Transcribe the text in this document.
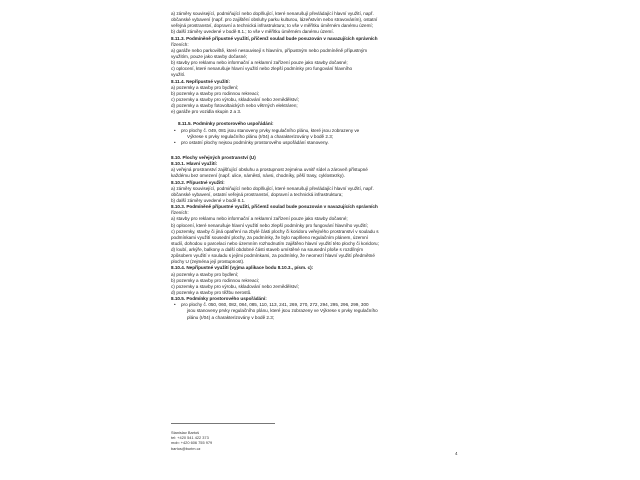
a) záměry související, podmiňující nebo doplňující, které nenarušují převládající hlavní využití, např.
občanské vybavení (např. pro zajištění obsluhy parku kulturou, lázeňstvím nebo stravováním), ostatní
veřejná prostranství, dopravní a technická infrastruktura; to vše v měřítku úměrném danému území;
b) další záměry uvedené v bodě 8.1.; to vše v měřítku úměrném danému území.
8.11.3. Podmíněně přípustné využití, přičemž soulad bude posuzován v navazujících správních
řízeních:
a) garáže nebo parkoviště, které nesouvisejí s hlavním, přípustným nebo podmíněně přípustným
využitím, pouze jako stavby dočasné;
b) stavby pro reklamu nebo informační a reklamní zařízení pouze jako stavby dočasné;
c) oplocení, které nenarušuje hlavní využití nebo zlepší podmínky pro fungování hlavního
využití.
8.11.4. Nepřípustné využití:
a) pozemky a stavby pro bydlení;
b) pozemky a stavby pro rodinnou rekreaci;
c) pozemky a stavby pro výrobu, skladování nebo zemědělství;
d) pozemky a stavby fotovoltaických nebo větrných elektráren;
e) garáže pro vozidla skupin 2 a 3.
8.11.5. Podmínky prostorového uspořádání:
• pro plochy č. 049, 081 jsou stanoveny prvky regulačního plánu, které jsou zobrazeny ve
Výkrese s prvky regulačního plánu (I/04) a charakterizovány v bodě 2.3;
• pro ostatní plochy nejsou podmínky prostorového uspořádání stanoveny.
8.10. Plochy veřejných prostranství (U)
8.10.1. Hlavní využití:
a) veřejná prostranství zajišťující obsluhu a prostupnost zejména uvnitř sídel a zároveň přístupné
každému bez omezení (např. ulice, náměstí, návsi, chodníky, pěší trasy, cyklostezky).
8.10.2. Přípustné využití:
a) záměry související, podmiňující nebo doplňující, které nenarušují převládající hlavní využití, např.
občanské vybavení, ostatní veřejná prostranství, dopravní a technická infrastruktura;
b) další záměry uvedené v bodě 8.1.
8.10.3. Podmíněně přípustné využití, přičemž soulad bude posuzován v navazujících správních
řízeních:
a) stavby pro reklamu nebo informační a reklamní zařízení pouze jako stavby dočasné;
b) oplocení, které nenarušuje hlavní využití nebo zlepší podmínky pro fungování hlavního využití;
c) pozemky, stavby či jiná opatření na zbylé části plochy či koridoru veřejného prostranství v souladu s
podmínkami využití sousední plochy, za podmínky, že bylo naplňeno regulačním plánem, územní
studií, dohodou o parcelaci nebo územním rozhodnutím zajištěno hlavní využití této plochy či koridoru;
d) loubí, arkýře, balkony a další obdobné části staveb umístěné na sousední ploše s rozdílným
způsobem využití v souladu s jejími podmínkami, za podmínky, že neomezí hlavní využití předmětné
plochy U (zejména její prostupnost).
8.10.4. Nepřípustné využití (vyjma aplikace bodu 8.10.3., písm. c):
a) pozemky a stavby pro bydlení;
b) pozemky a stavby pro rodinnou rekreaci;
c) pozemky a stavby pro výrobu, skladování nebo zemědělství;
d) pozemky a stavby pro těžbu nerostů.
8.10.5. Podmínky prostorového uspořádání:
• pro plochy č. 050, 060, 082, 084, 085, 110, 113, 241, 269, 270, 272, 294, 295, 296, 299, 300
jsou stanoveny prvky regulačního plánu, které jsou zobrazeny ve Výkrese s prvky regulačního
plánu (I/04) a charakterizovány v bodě 2.3;
Stanislav Bartoš
tel: +420 541 422 373
mob: +420 606 755 979
bartos@burim.cz
4
